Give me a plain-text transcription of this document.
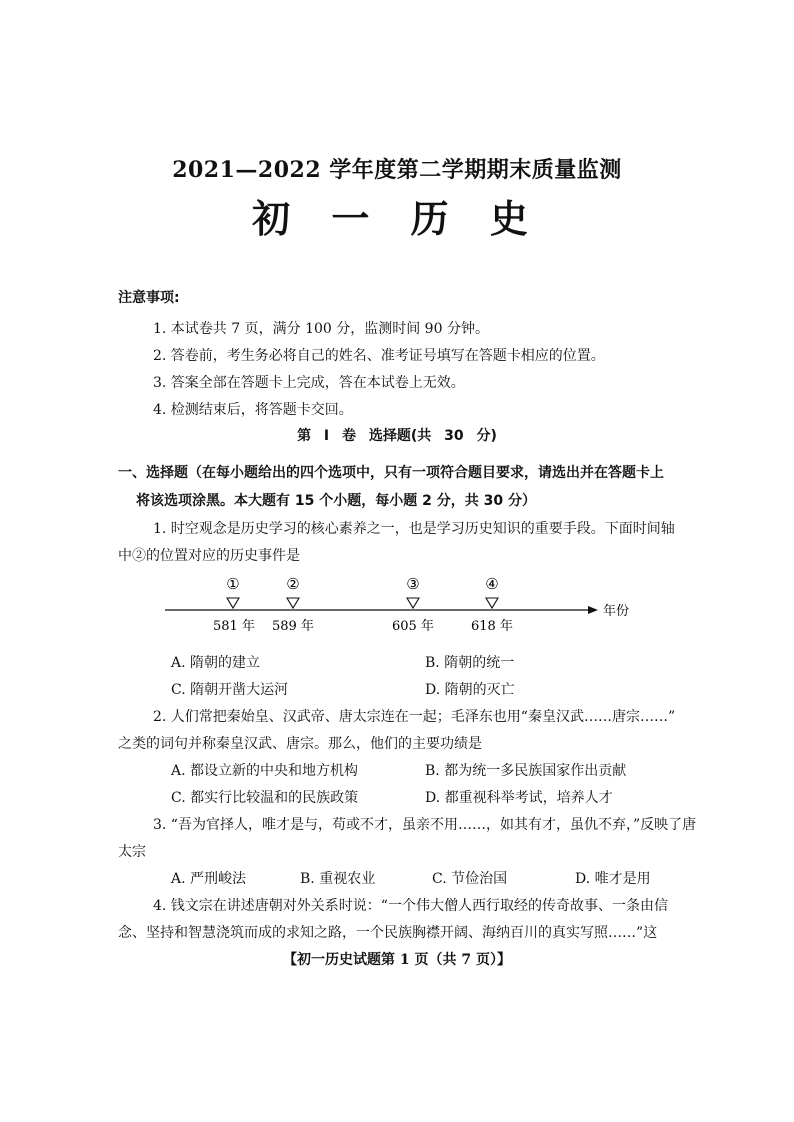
2021—2022 学年度第二学期期末质量监测
初 一 历 史
注意事项:
1. 本试卷共 7 页，满分 100 分，监测时间 90 分钟。
2. 答卷前，考生务必将自己的姓名、准考证号填写在答题卡相应的位置。
3. 答案全部在答题卡上完成，答在本试卷上无效。
4. 检测结束后，将答题卡交回。
第 Ⅰ 卷 选择题(共 30 分)
一、选择题（在每小题给出的四个选项中，只有一项符合题目要求，请选出并在答题卡上
将该选项涂黑。本大题有 15 个小题，每小题 2 分，共 30 分）
1. 时空观念是历史学习的核心素养之一，也是学习历史知识的重要手段。下面时间轴
中②的位置对应的历史事件是
①	②	③	④
581 年 589 年	605 年	618 年
年份
A. 隋朝的建立	B. 隋朝的统一
C. 隋朝开凿大运河	D. 隋朝的灭亡
2. 人们常把秦始皇、汉武帝、唐太宗连在一起；毛泽东也用“秦皇汉武……唐宗……”
之类的词句并称秦皇汉武、唐宗。那么，他们的主要功绩是
A. 都设立新的中央和地方机构	B. 都为统一多民族国家作出贡献
C. 都实行比较温和的民族政策	D. 都重视科举考试，培养人才
3. “吾为官择人，唯才是与，苟或不才，虽亲不用……，如其有才，虽仇不弃，”反映了唐
太宗
A. 严刑峻法	B. 重视农业	C. 节俭治国	D. 唯才是用
4. 钱文宗在讲述唐朝对外关系时说：“一个伟大僧人西行取经的传奇故事、一条由信
念、坚持和智慧浇筑而成的求知之路，一个民族胸襟开阔、海纳百川的真实写照……”这
【初一历史试题第 1 页（共 7 页）】
